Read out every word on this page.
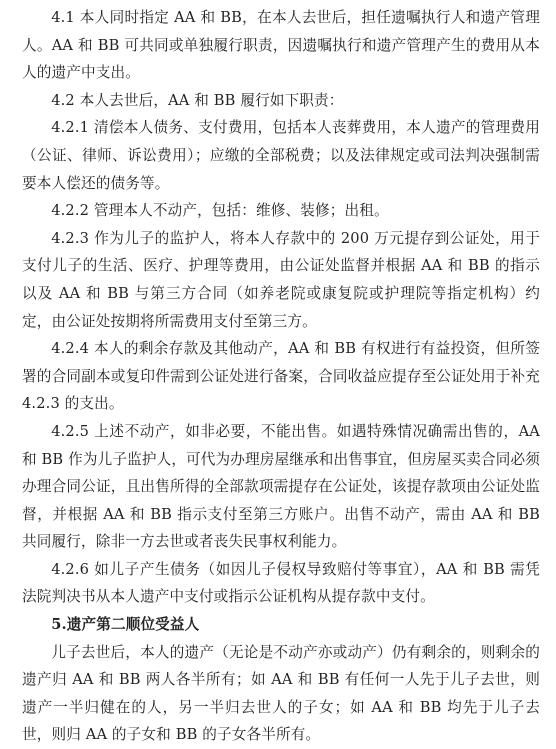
4.1 本人同时指定 AA 和 BB，在本人去世后，担任遗嘱执行人和遗产管理人。AA 和 BB 可共同或单独履行职责，因遗嘱执行和遗产管理产生的费用从本人的遗产中支出。

4.2 本人去世后，AA 和 BB 履行如下职责：

4.2.1 清偿本人债务、支付费用，包括本人丧葬费用，本人遗产的管理费用（公证、律师、诉讼费用）；应缴的全部税费；以及法律规定或司法判决强制需要本人偿还的债务等。

4.2.2 管理本人不动产，包括：维修、装修；出租。

4.2.3 作为儿子的监护人，将本人存款中的 200 万元提存到公证处，用于支付儿子的生活、医疗、护理等费用，由公证处监督并根据 AA 和 BB 的指示以及 AA 和 BB 与第三方合同（如养老院或康复院或护理院等指定机构）约定，由公证处按期将所需费用支付至第三方。

4.2.4 本人的剩余存款及其他动产，AA 和 BB 有权进行有益投资，但所签署的合同副本或复印件需到公证处进行备案，合同收益应提存至公证处用于补充 4.2.3 的支出。

4.2.5 上述不动产，如非必要，不能出售。如遇特殊情况确需出售的，AA 和 BB 作为儿子监护人，可代为办理房屋继承和出售事宜，但房屋买卖合同必须办理合同公证，且出售所得的全部款项需提存在公证处，该提存款项由公证处监督，并根据 AA 和 BB 指示支付至第三方账户。出售不动产，需由 AA 和 BB 共同履行，除非一方去世或者丧失民事权利能力。

4.2.6 如儿子产生债务（如因儿子侵权导致赔付等事宜），AA 和 BB 需凭法院判决书从本人遗产中支付或指示公证机构从提存款中支付。

5.遗产第二顺位受益人

儿子去世后，本人的遗产（无论是不动产亦或动产）仍有剩余的，则剩余的遗产归 AA 和 BB 两人各半所有；如 AA 和 BB 有任何一人先于儿子去世，则遗产一半归健在的人，另一半归去世人的子女；如 AA 和 BB 均先于儿子去世，则归 AA 的子女和 BB 的子女各半所有。
